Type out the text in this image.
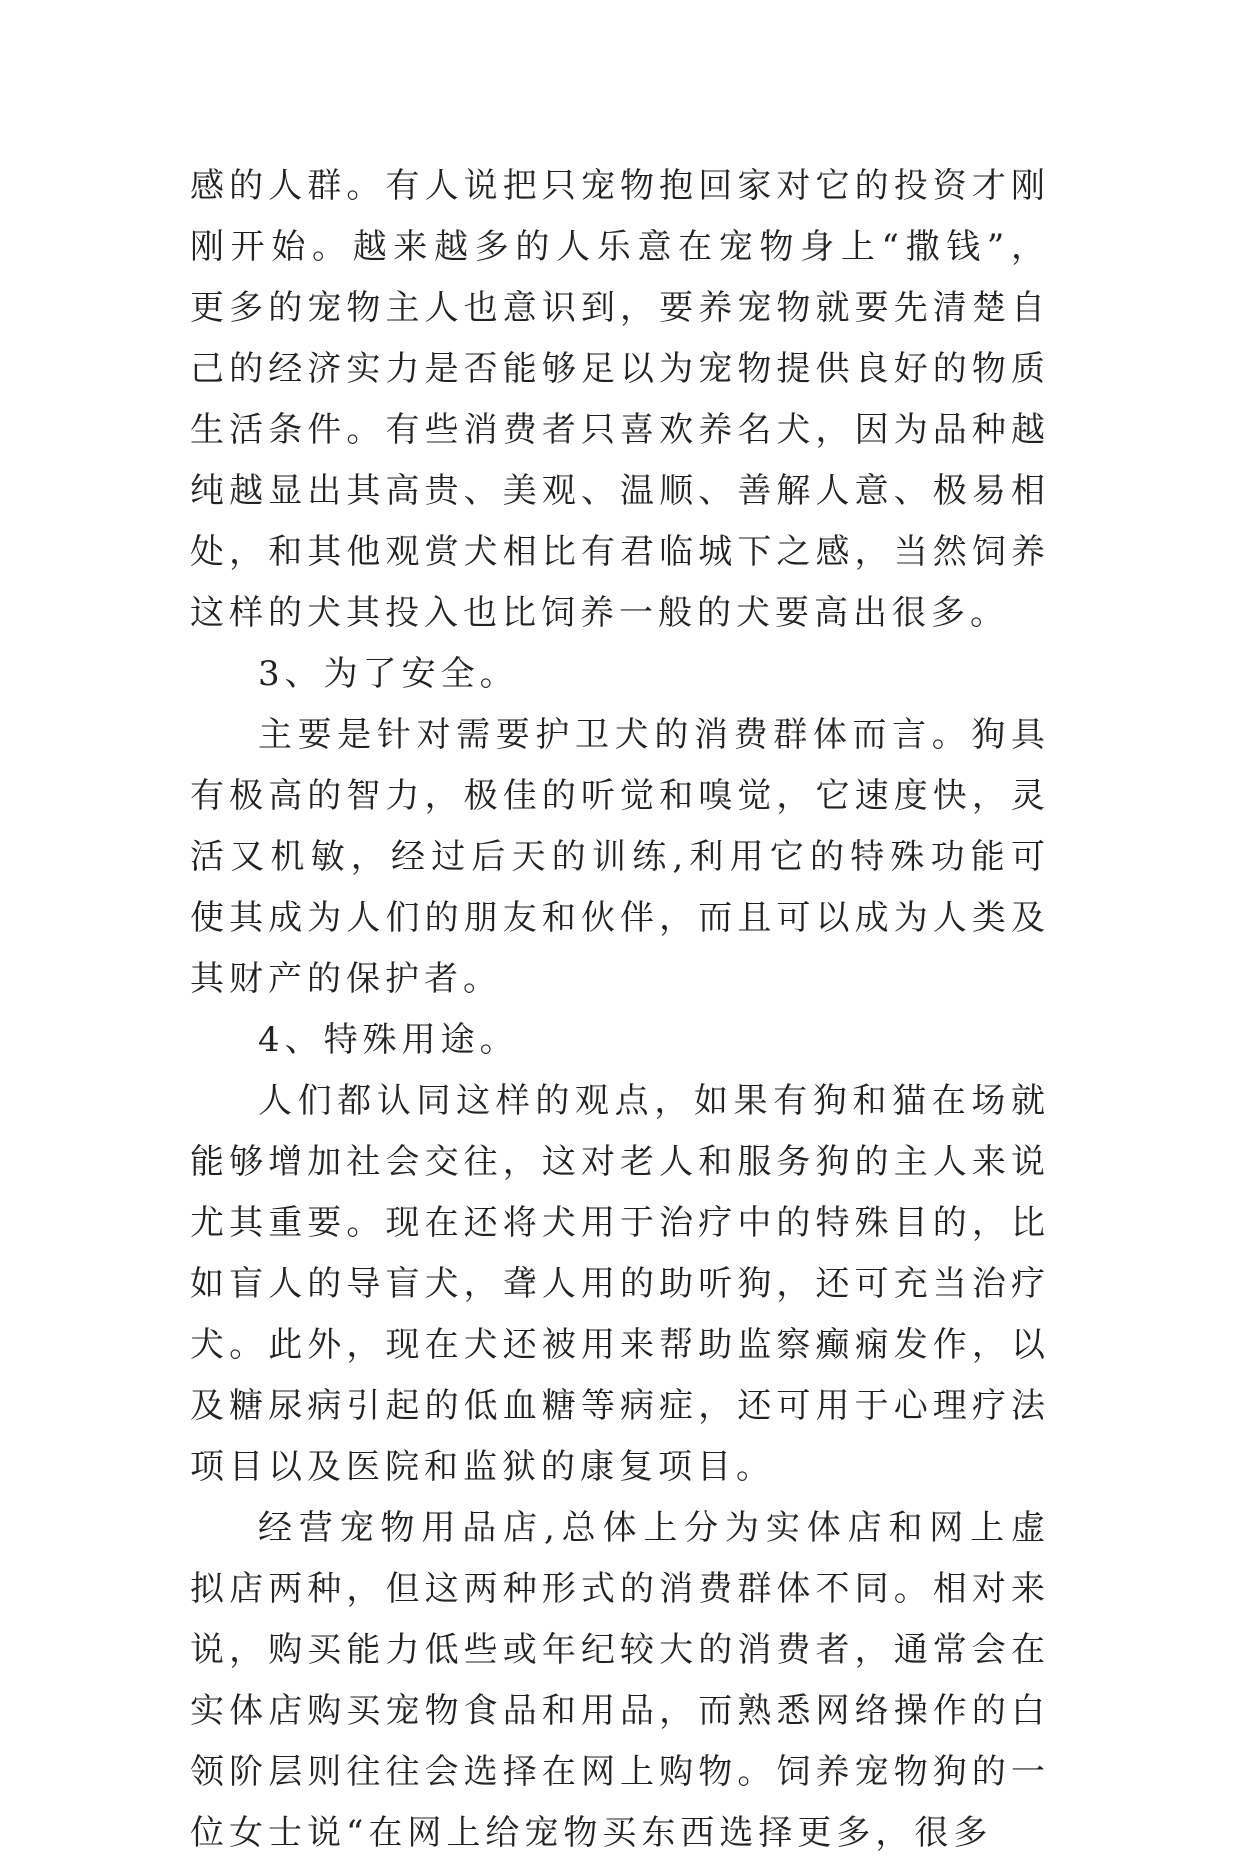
感的人群。有人说把只宠物抱回家对它的投资才刚刚开始。越来越多的人乐意在宠物身上“撒钱”，更多的宠物主人也意识到，要养宠物就要先清楚自己的经济实力是否能够足以为宠物提供良好的物质生活条件。有些消费者只喜欢养名犬，因为品种越纯越显出其高贵、美观、温顺、善解人意、极易相处，和其他观赏犬相比有君临城下之感，当然饲养这样的犬其投入也比饲养一般的犬要高出很多。

3、为了安全。

主要是针对需要护卫犬的消费群体而言。狗具有极高的智力，极佳的听觉和嗅觉，它速度快，灵活又机敏，经过后天的训练,利用它的特殊功能可使其成为人们的朋友和伙伴，而且可以成为人类及其财产的保护者。

4、特殊用途。

人们都认同这样的观点，如果有狗和猫在场就能够增加社会交往，这对老人和服务狗的主人来说尤其重要。现在还将犬用于治疗中的特殊目的，比如盲人的导盲犬，聋人用的助听狗，还可充当治疗犬。此外，现在犬还被用来帮助监察癫痫发作，以及糖尿病引起的低血糖等病症，还可用于心理疗法项目以及医院和监狱的康复项目。

经营宠物用品店,总体上分为实体店和网上虚拟店两种，但这两种形式的消费群体不同。相对来说，购买能力低些或年纪较大的消费者，通常会在实体店购买宠物食品和用品，而熟悉网络操作的白领阶层则往往会选择在网上购物。饲养宠物狗的一位女士说“在网上给宠物买东西选择更多，很多
